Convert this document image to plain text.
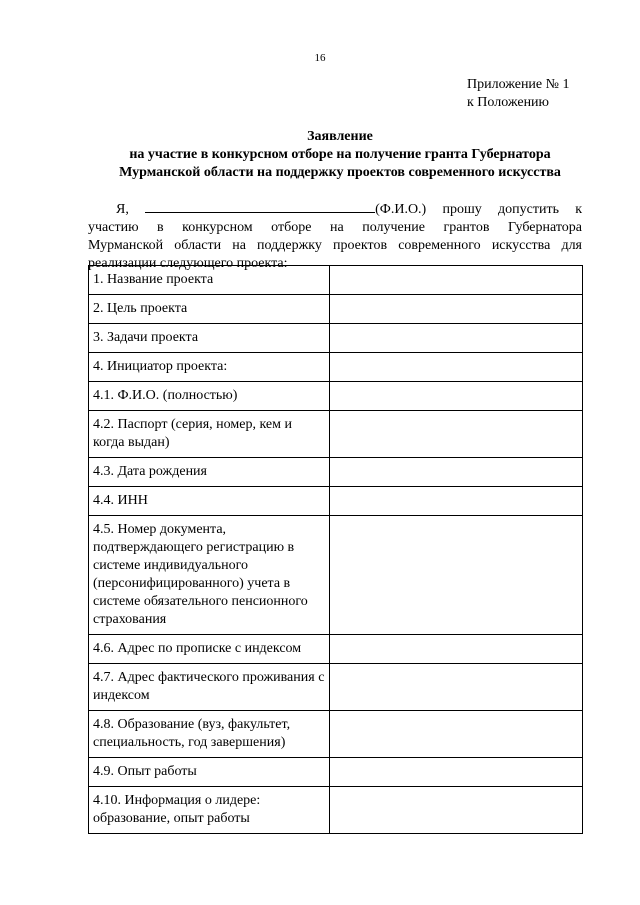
16
Приложение № 1
к Положению
Заявление
на участие в конкурсном отборе на получение гранта Губернатора
Мурманской области на поддержку проектов современного искусства

Я,	(Ф.И.О.) прошу допустить к

участию в конкурсном отборе на получение грантов Губернатора

Мурманской области на поддержку проектов современного искусства для

реализации следующего проекта:

1. Название проекта	
2. Цель проекта	
3. Задачи проекта	
4. Инициатор проекта:	
4.1. Ф.И.О. (полностью)	
4.2. Паспорт (серия, номер, кем и когда выдан)	
4.3. Дата рождения	
4.4. ИНН	
4.5. Номер документа, подтверждающего регистрацию в системе индивидуального (персонифицированного) учета в системе обязательного пенсионного страхования	
4.6. Адрес по прописке с индексом	
4.7. Адрес фактического проживания с индексом	
4.8. Образование (вуз, факультет, специальность, год завершения)	
4.9. Опыт работы	
4.10. Информация о лидере: образование, опыт работы	
